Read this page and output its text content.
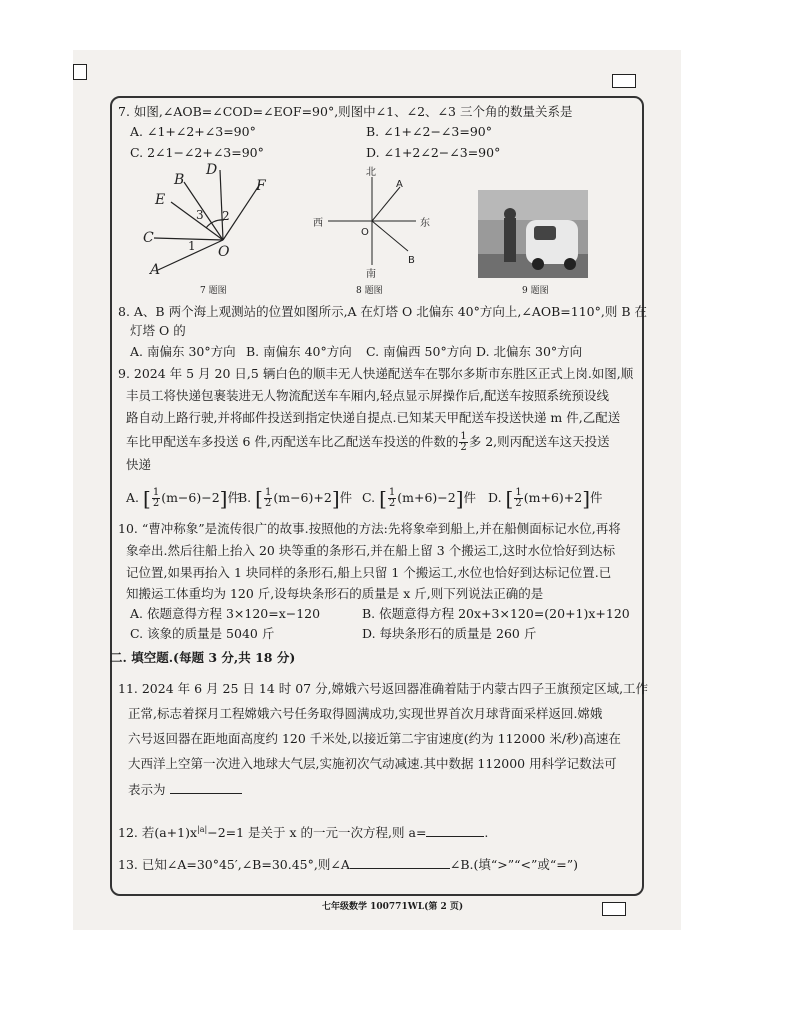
7. 如图,∠AOB=∠COD=∠EOF=90°,则图中∠1、∠2、∠3 三个角的数量关系是
A. ∠1+∠2+∠3=90°	B. ∠1+∠2−∠3=90°
C. 2∠1−∠2+∠3=90°	D. ∠1+2∠2−∠3=90°
D
B
E
F
C
A
O
1
2
3
7 题图
北
南
东
西
A
O
B
8 题图	9 题图
8. A、B 两个海上观测站的位置如图所示,A 在灯塔 O 北偏东 40°方向上,∠AOB=110°,则 B 在
灯塔 O 的
A. 南偏东 30°方向 B. 南偏东 40°方向 C. 南偏西 50°方向 D. 北偏东 30°方向
9. 2024 年 5 月 20 日,5 辆白色的顺丰无人快递配送车在鄂尔多斯市东胜区正式上岗.如图,顺
丰员工将快递包裹装进无人物流配送车车厢内,轻点显示屏操作后,配送车按照系统预设线
路自动上路行驶,并将邮件投送到指定快递自提点.已知某天甲配送车投送快递 m 件,乙配送
车比甲配送车多投送 6 件,丙配送车比乙配送车投送的件数的 $\frac{1}{2}$ 多 2,则丙配送车这天投送
快递
A. [ $\frac{1}{2} (m-6)-2$]件
B. [ $\frac{1}{2} (m-6)+2$]件 C. [ $\frac{1}{2} (m+6)-2$]件 D. [ $\frac{1}{2} (m+6)+2$]件
10. “曹冲称象”是流传很广的故事.按照他的方法:先将象牵到船上,并在船侧面标记水位,再将
象牵出.然后往船上抬入 20 块等重的条形石,并在船上留 3 个搬运工,这时水位恰好到达标
记位置,如果再抬入 1 块同样的条形石,船上只留 1 个搬运工,水位也恰好到达标记位置.已
知搬运工体重均为 120 斤,设每块条形石的质量是 x 斤,则下列说法正确的是
A. 依题意得方程 3×120=x−120	B. 依题意得方程 20x+3×120=(20+1)x+120
C. 该象的质量是 5040 斤	D. 每块条形石的质量是 260 斤
二. 填空题.(每题 3 分,共 18 分)
11. 2024 年 6 月 25 日 14 时 07 分,嫦娥六号返回器准确着陆于内蒙古四子王旗预定区域,工作
正常,标志着探月工程嫦娥六号任务取得圆满成功,实现世界首次月球背面采样返回.嫦娥
六号返回器在距地面高度约 120 千米处,以接近第二宇宙速度(约为 112000 米/秒)高速在
大西洋上空第一次进入地球大气层,实施初次气动减速.其中数据 112000 用科学记数法可
表示为
12. 若$(a+1)x^{|a|}-2=1$ 是关于 x 的一元一次方程,则 a=	.
13. 已知∠A=30°45′,∠B=30.45°,则∠A	∠B.(填“>”“<”或“=”)
七年级数学 100771WL(第 2 页)
